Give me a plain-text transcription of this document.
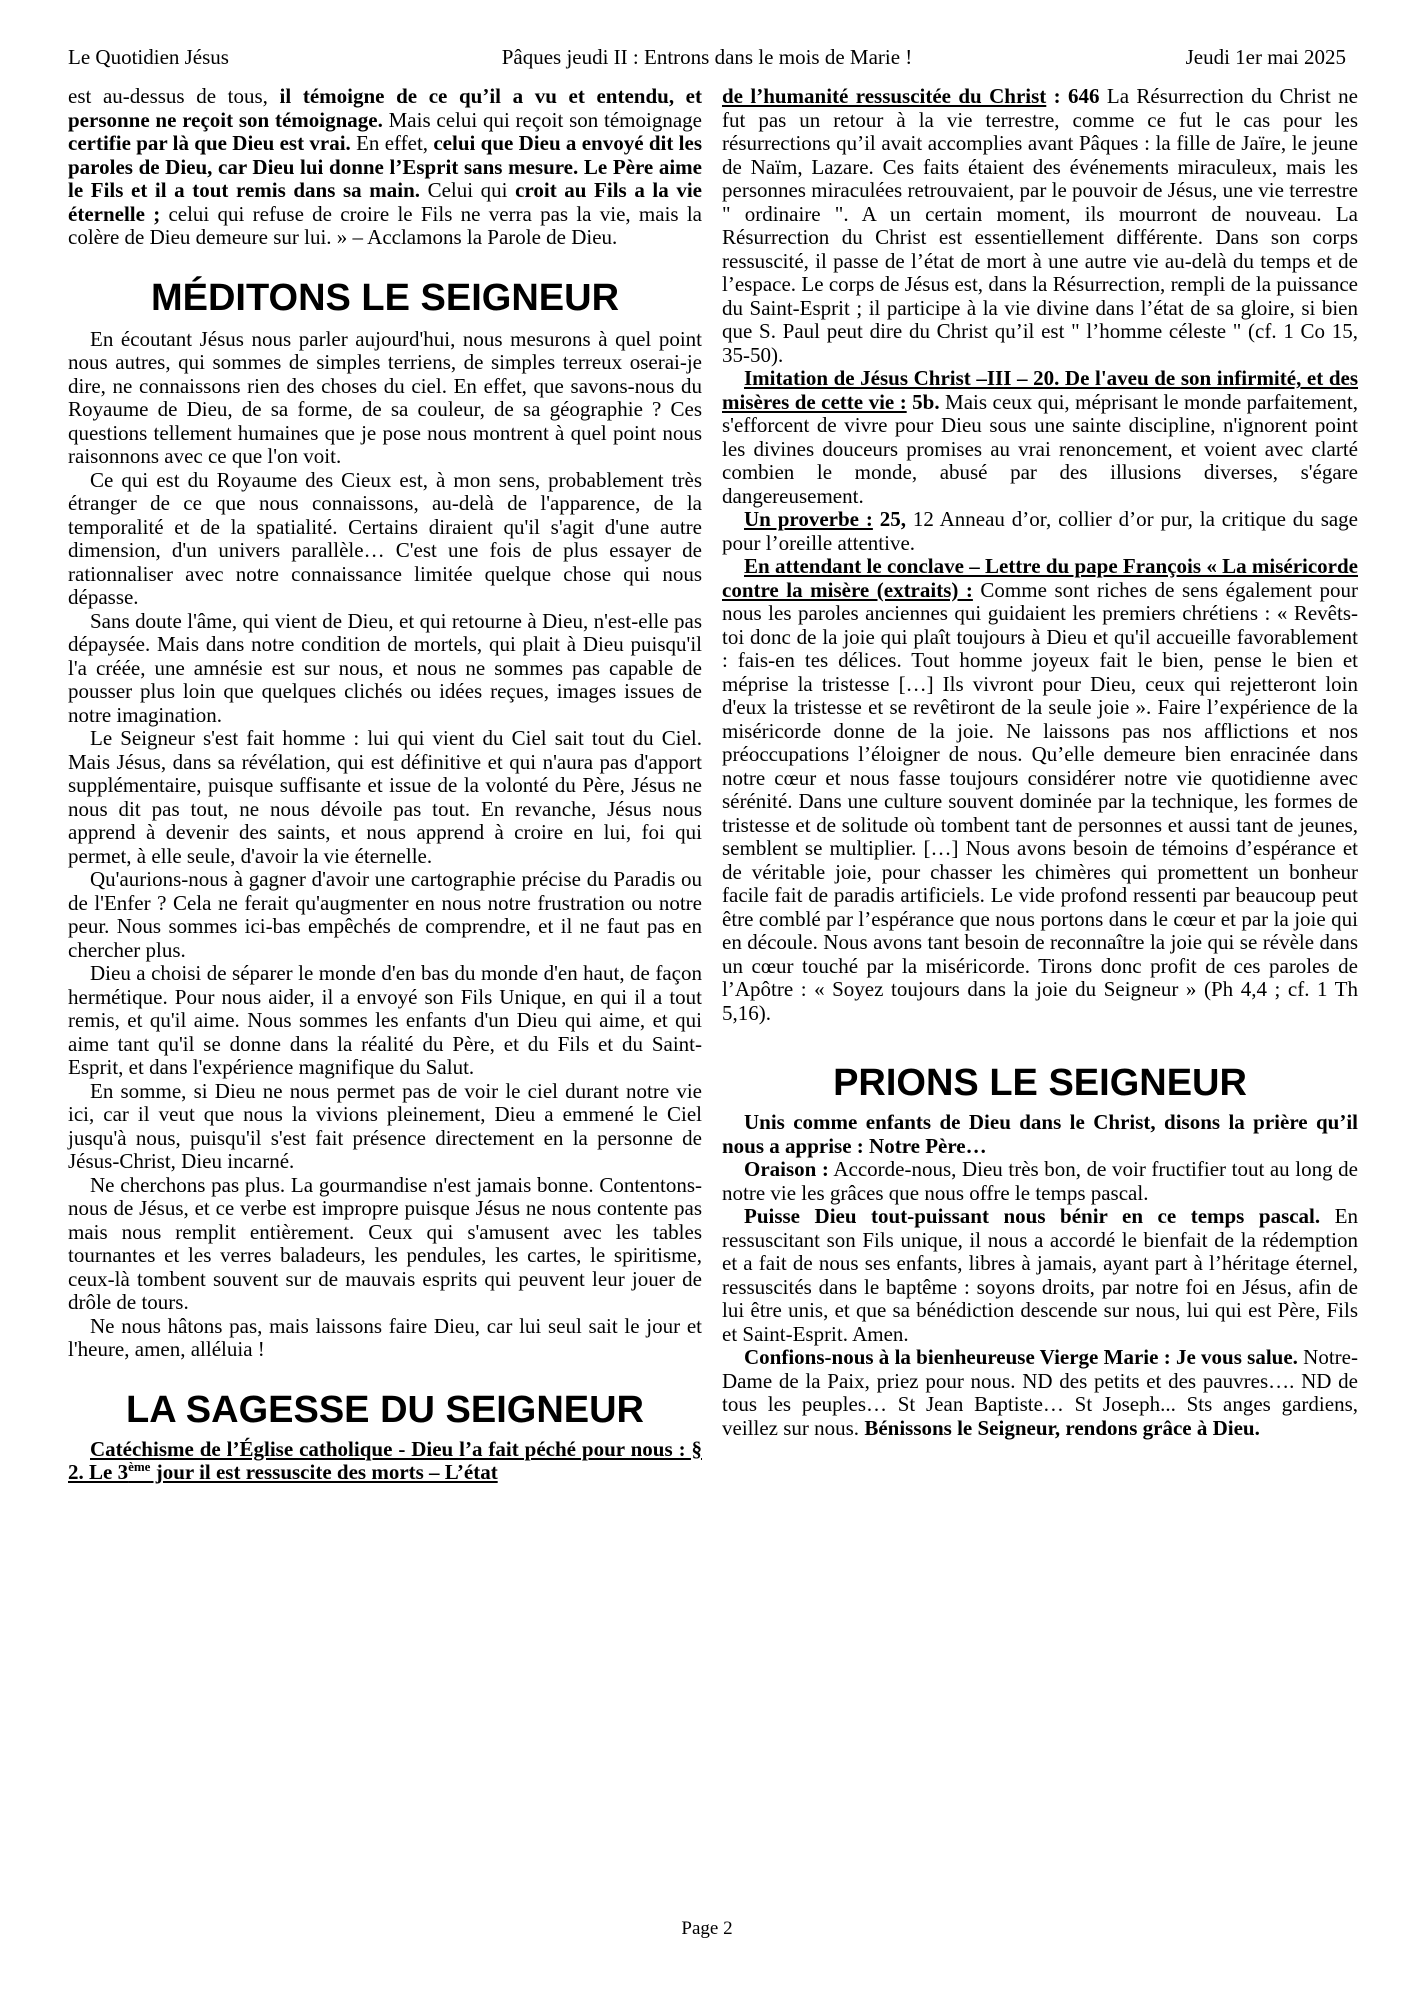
Le Quotidien Jésus	Pâques jeudi II : Entrons dans le mois de Marie !	Jeudi 1er mai 2025

est au-dessus de tous, il témoigne de ce qu’il a vu et entendu, et personne ne reçoit son témoignage. Mais celui qui reçoit son témoignage certifie par là que Dieu est vrai. En effet, celui que Dieu a envoyé dit les paroles de Dieu, car Dieu lui donne l’Esprit sans mesure. Le Père aime le Fils et il a tout remis dans sa main. Celui qui croit au Fils a la vie éternelle ; celui qui refuse de croire le Fils ne verra pas la vie, mais la colère de Dieu demeure sur lui. » – Acclamons la Parole de Dieu.

MÉDITONS LE SEIGNEUR

En écoutant Jésus nous parler aujourd'hui, nous mesurons à quel point nous autres, qui sommes de simples terriens, de simples terreux oserai-je dire, ne connaissons rien des choses du ciel. En effet, que savons-nous du Royaume de Dieu, de sa forme, de sa couleur, de sa géographie ? Ces questions tellement humaines que je pose nous montrent à quel point nous raisonnons avec ce que l'on voit.

Ce qui est du Royaume des Cieux est, à mon sens, probablement très étranger de ce que nous connaissons, au-delà de l'apparence, de la temporalité et de la spatialité. Certains diraient qu'il s'agit d'une autre dimension, d'un univers parallèle… C'est une fois de plus essayer de rationnaliser avec notre connaissance limitée quelque chose qui nous dépasse.

Sans doute l'âme, qui vient de Dieu, et qui retourne à Dieu, n'est-elle pas dépaysée. Mais dans notre condition de mortels, qui plait à Dieu puisqu'il l'a créée, une amnésie est sur nous, et nous ne sommes pas capable de pousser plus loin que quelques clichés ou idées reçues, images issues de notre imagination.

Le Seigneur s'est fait homme : lui qui vient du Ciel sait tout du Ciel. Mais Jésus, dans sa révélation, qui est définitive et qui n'aura pas d'apport supplémentaire, puisque suffisante et issue de la volonté du Père, Jésus ne nous dit pas tout, ne nous dévoile pas tout. En revanche, Jésus nous apprend à devenir des saints, et nous apprend à croire en lui, foi qui permet, à elle seule, d'avoir la vie éternelle.

Qu'aurions-nous à gagner d'avoir une cartographie précise du Paradis ou de l'Enfer ? Cela ne ferait qu'augmenter en nous notre frustration ou notre peur. Nous sommes ici-bas empêchés de comprendre, et il ne faut pas en chercher plus.

Dieu a choisi de séparer le monde d'en bas du monde d'en haut, de façon hermétique. Pour nous aider, il a envoyé son Fils Unique, en qui il a tout remis, et qu'il aime. Nous sommes les enfants d'un Dieu qui aime, et qui aime tant qu'il se donne dans la réalité du Père, et du Fils et du Saint-Esprit, et dans l'expérience magnifique du Salut.

En somme, si Dieu ne nous permet pas de voir le ciel durant notre vie ici, car il veut que nous la vivions pleinement, Dieu a emmené le Ciel jusqu'à nous, puisqu'il s'est fait présence directement en la personne de Jésus-Christ, Dieu incarné.

Ne cherchons pas plus. La gourmandise n'est jamais bonne. Contentons-nous de Jésus, et ce verbe est impropre puisque Jésus ne nous contente pas mais nous remplit entièrement. Ceux qui s'amusent avec les tables tournantes et les verres baladeurs, les pendules, les cartes, le spiritisme, ceux-là tombent souvent sur de mauvais esprits qui peuvent leur jouer de drôle de tours.

Ne nous hâtons pas, mais laissons faire Dieu, car lui seul sait le jour et l'heure, amen, alléluia !

LA SAGESSE DU SEIGNEUR

Catéchisme de l’Église catholique - Dieu l’a fait péché pour nous : § 2. Le 3ème jour il est ressuscite des morts – L’état

de l’humanité ressuscitée du Christ : 646 La Résurrection du Christ ne fut pas un retour à la vie terrestre, comme ce fut le cas pour les résurrections qu’il avait accomplies avant Pâques : la fille de Jaïre, le jeune de Naïm, Lazare. Ces faits étaient des événements miraculeux, mais les personnes miraculées retrouvaient, par le pouvoir de Jésus, une vie terrestre " ordinaire ". A un certain moment, ils mourront de nouveau. La Résurrection du Christ est essentiellement différente. Dans son corps ressuscité, il passe de l’état de mort à une autre vie au-delà du temps et de l’espace. Le corps de Jésus est, dans la Résurrection, rempli de la puissance du Saint-Esprit ; il participe à la vie divine dans l’état de sa gloire, si bien que S. Paul peut dire du Christ qu’il est " l’homme céleste " (cf. 1 Co 15, 35-50).

Imitation de Jésus Christ –III – 20. De l'aveu de son infirmité, et des misères de cette vie : 5b. Mais ceux qui, méprisant le monde parfaitement, s'efforcent de vivre pour Dieu sous une sainte discipline, n'ignorent point les divines douceurs promises au vrai renoncement, et voient avec clarté combien le monde, abusé par des illusions diverses, s'égare dangereusement.

Un proverbe : 25, 12 Anneau d’or, collier d’or pur, la critique du sage pour l’oreille attentive.

En attendant le conclave – Lettre du pape François « La miséricorde contre la misère (extraits) : Comme sont riches de sens également pour nous les paroles anciennes qui guidaient les premiers chrétiens : « Revêts-toi donc de la joie qui plaît toujours à Dieu et qu'il accueille favorablement : fais-en tes délices. Tout homme joyeux fait le bien, pense le bien et méprise la tristesse […] Ils vivront pour Dieu, ceux qui rejetteront loin d'eux la tristesse et se revêtiront de la seule joie ». Faire l’expérience de la miséricorde donne de la joie. Ne laissons pas nos afflictions et nos préoccupations l’éloigner de nous. Qu’elle demeure bien enracinée dans notre cœur et nous fasse toujours considérer notre vie quotidienne avec sérénité. Dans une culture souvent dominée par la technique, les formes de tristesse et de solitude où tombent tant de personnes et aussi tant de jeunes, semblent se multiplier. […] Nous avons besoin de témoins d’espérance et de véritable joie, pour chasser les chimères qui promettent un bonheur facile fait de paradis artificiels. Le vide profond ressenti par beaucoup peut être comblé par l’espérance que nous portons dans le cœur et par la joie qui en découle. Nous avons tant besoin de reconnaître la joie qui se révèle dans un cœur touché par la miséricorde. Tirons donc profit de ces paroles de l’Apôtre : « Soyez toujours dans la joie du Seigneur » (Ph 4,4 ; cf. 1 Th 5,16).

PRIONS LE SEIGNEUR

Unis comme enfants de Dieu dans le Christ, disons la prière qu’il nous a apprise : Notre Père…

Oraison : Accorde-nous, Dieu très bon, de voir fructifier tout au long de notre vie les grâces que nous offre le temps pascal.

Puisse Dieu tout-puissant nous bénir en ce temps pascal. En ressuscitant son Fils unique, il nous a accordé le bienfait de la rédemption et a fait de nous ses enfants, libres à jamais, ayant part à l’héritage éternel, ressuscités dans le baptême : soyons droits, par notre foi en Jésus, afin de lui être unis, et que sa bénédiction descende sur nous, lui qui est Père, Fils et Saint-Esprit. Amen.

Confions-nous à la bienheureuse Vierge Marie : Je vous salue. Notre-Dame de la Paix, priez pour nous. ND des petits et des pauvres…. ND de tous les peuples… St Jean Baptiste… St Joseph... Sts anges gardiens, veillez sur nous. Bénissons le Seigneur, rendons grâce à Dieu.

Page 2
